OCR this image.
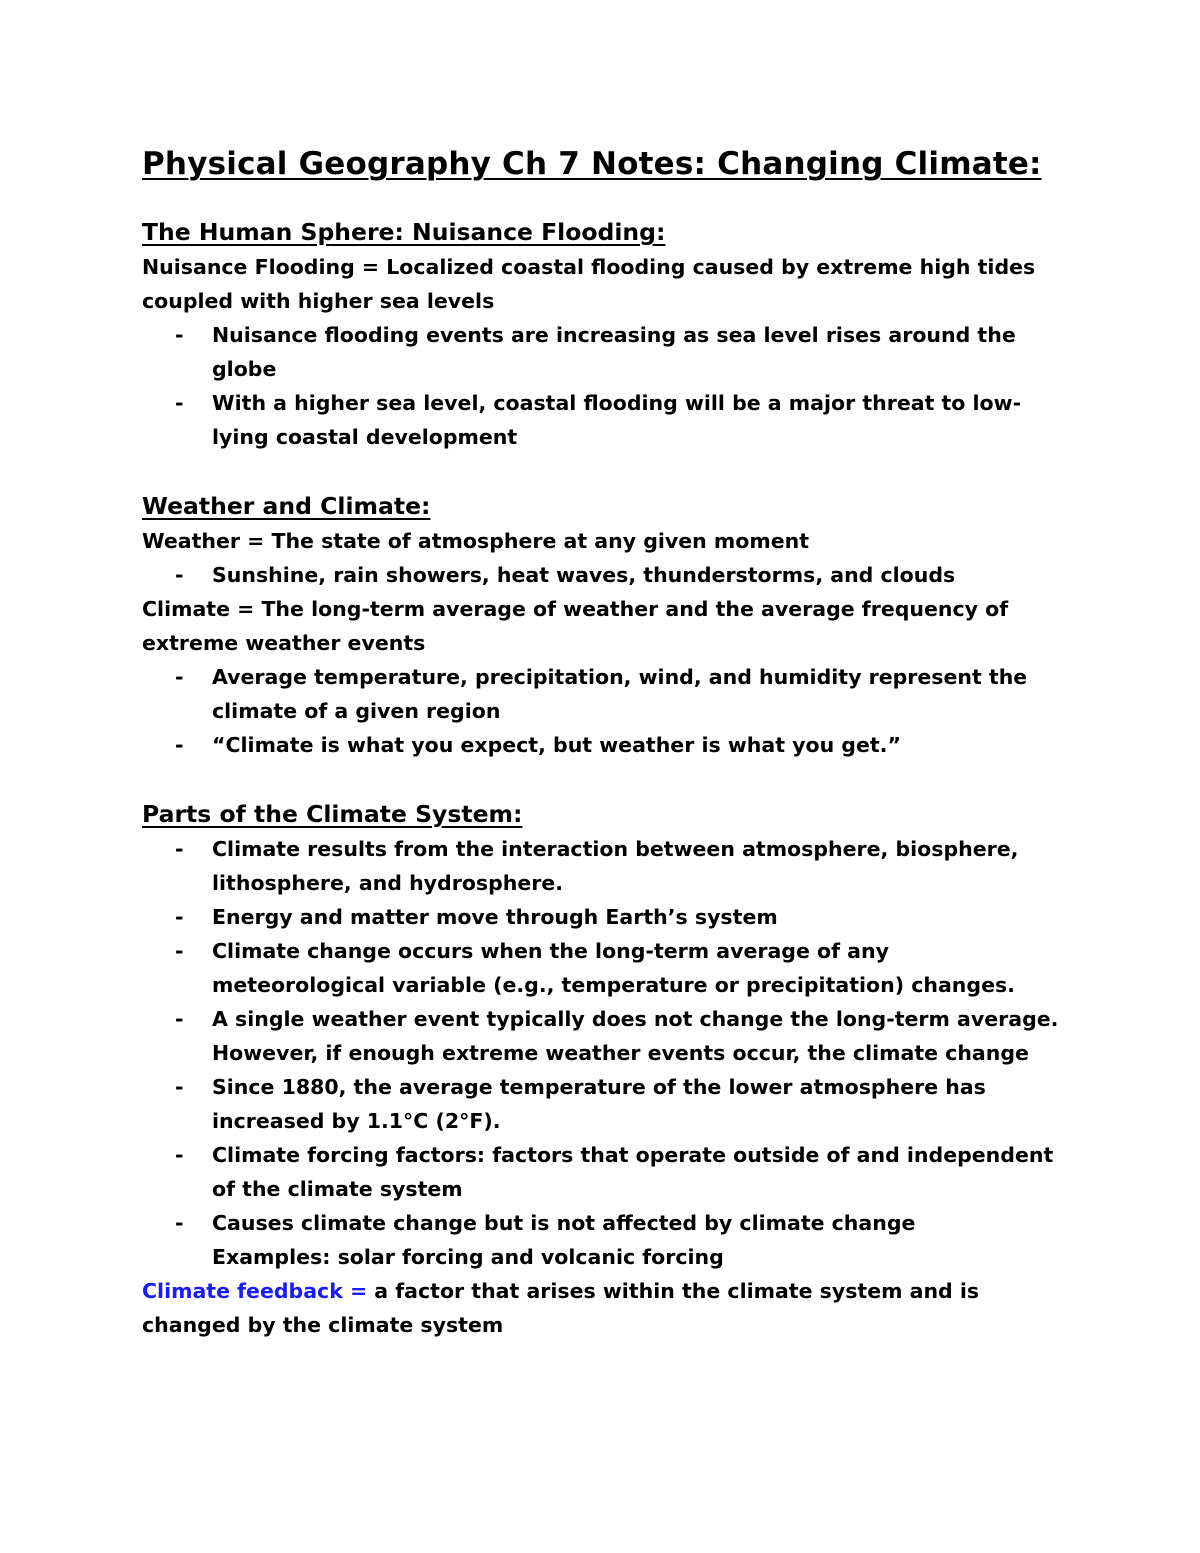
Physical Geography Ch 7 Notes: Changing Climate:
The Human Sphere: Nuisance Flooding:

Nuisance Flooding = Localized coastal flooding caused by extreme high tides coupled with higher sea levels

- Nuisance flooding events are increasing as sea level rises around the globe
- With a higher sea level, coastal flooding will be a major threat to low-lying coastal development
Weather and Climate:

Weather = The state of atmosphere at any given moment

- Sunshine, rain showers, heat waves, thunderstorms, and clouds

Climate = The long-term average of weather and the average frequency of extreme weather events

- Average temperature, precipitation, wind, and humidity represent the climate of a given region
- “Climate is what you expect, but weather is what you get.”
Parts of the Climate System:
- Climate results from the interaction between atmosphere, biosphere, lithosphere, and hydrosphere.
- Energy and matter move through Earth’s system
- Climate change occurs when the long-term average of any meteorological variable (e.g., temperature or precipitation) changes.
- A single weather event typically does not change the long-term average. However, if enough extreme weather events occur, the climate change
- Since 1880, the average temperature of the lower atmosphere has increased by 1.1°C (2°F).
- Climate forcing factors: factors that operate outside of and independent of the climate system
- Causes climate change but is not affected by climate change
Examples: solar forcing and volcanic forcing

Climate feedback = a factor that arises within the climate system and is changed by the climate system
